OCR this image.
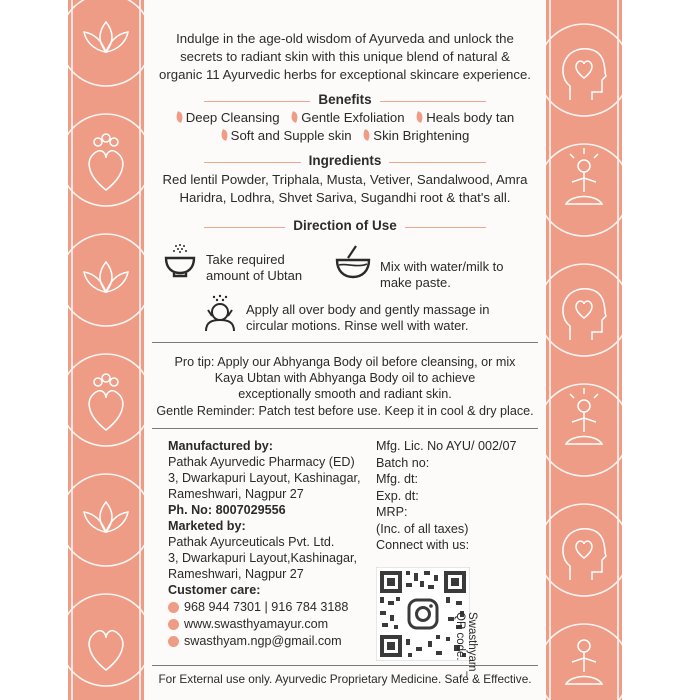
Indulge in the age-old wisdom of Ayurveda and unlock the
secrets to radiant skin with this unique blend of natural &
organic 11 Ayurvedic herbs for exceptional skincare experience.
Benefits
Deep Cleansing Gentle Exfoliation Heals body tan
Soft and Supple skin Skin Brightening
Ingredients
Red lentil Powder, Triphala, Musta, Vetiver, Sandalwood, Amra
Haridra, Lodhra, Shvet Sariva, Sugandhi root & that's all.
Direction of Use
Take required
amount of Ubtan
Mix with water/milk to
make paste.
Apply all over body and gently massage in
circular motions. Rinse well with water.
Pro tip: Apply our Abhyanga Body oil before cleansing, or mix
Kaya Ubtan with Abhyanga Body oil to achieve
exceptionally smooth and radiant skin.
Gentle Reminder: Patch test before use. Keep it in cool & dry place.
Manufactured by:
Pathak Ayurvedic Pharmacy (ED)
3, Dwarkapuri Layout, Kashinagar,
Rameshwari, Nagpur 27
Ph. No: 8007029556
Marketed by:
Pathak Ayurceuticals Pvt. Ltd.
3, Dwarkapuri Layout,Kashinagar,
Rameshwari, Nagpur 27
Customer care:
968 944 7301 | 916 784 3188
www.swasthyamayur.com
swasthyam.ngp@gmail.com
Mfg. Lic. No AYU/ 002/07
Batch no:
Mfg. dt:
Exp. dt:
MRP:
(Inc. of all taxes)
Connect with us:
Swasthyam_
QR code.
For External use only. Ayurvedic Proprietary Medicine. Safe & Effective.
